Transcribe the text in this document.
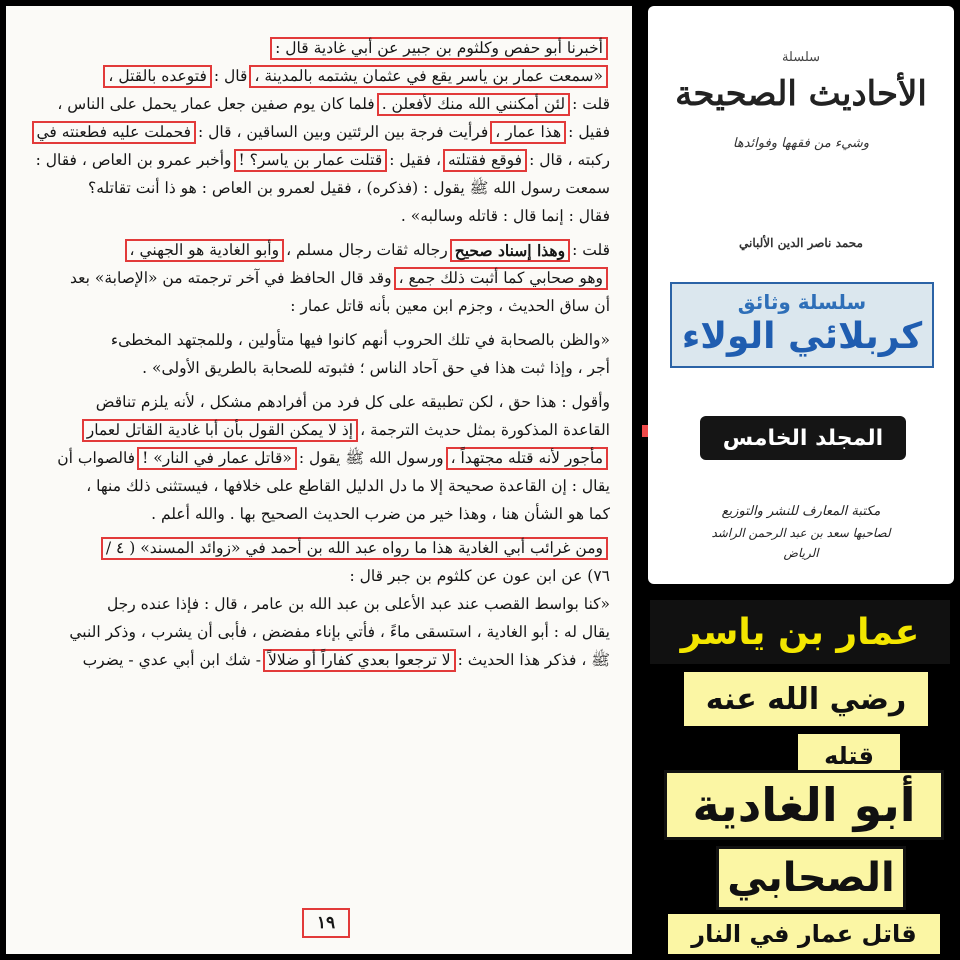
أخبرنا أبو حفص وكلثوم بن جبير عن أبي غادية قال :
«سمعت عمار بن ياسر يقع في عثمان يشتمه بالمدينة ،
قال :
فتوعده بالقتل ،
قلت :
لئن أمكنني الله منك لأفعلن .
فلما كان يوم صفين جعل عمار يحمل على الناس ،
فقيل :
هذا عمار ،
فرأيت فرجة بين الرئتين وبين الساقين ، قال :
فحملت عليه فطعنته في
ركبته ، قال :
فوقع فقتلته
، فقيل :
قتلت عمار بن ياسر؟ !
وأخبر عمرو بن العاص ، فقال :
سمعت رسول الله ﷺ يقول : (فذكره) ، فقيل لعمرو بن العاص : هو ذا أنت تقاتله؟
فقال : إنما قال : قاتله وسالبه» .
قلت :
وهذا إسناد صحيح
رجاله ثقات رجال مسلم ،
وأبو الغادية هو الجهني ،
وهو صحابي كما أثبت ذلك جمع ،
وقد قال الحافظ في آخر ترجمته من «الإصابة» بعد
أن ساق الحديث ، وجزم ابن معين بأنه قاتل عمار :
«والظن بالصحابة في تلك الحروب أنهم كانوا فيها متأولين ، وللمجتهد المخطىء
أجر ، وإذا ثبت هذا في حق آحاد الناس ؛ فثبوته للصحابة بالطريق الأولى» .
وأقول : هذا حق ، لكن تطبيقه على كل فرد من أفرادهم مشكل ، لأنه يلزم تناقض
القاعدة المذكورة بمثل حديث الترجمة ،
إذ لا يمكن القول بأن أبا غادية القاتل لعمار
مأجور لأنه قتله مجتهداً ،
ورسول الله ﷺ يقول :
«قاتل عمار في النار» !
فالصواب أن
يقال : إن القاعدة صحيحة إلا ما دل الدليل القاطع على خلافها ، فيستثنى ذلك منها ،
كما هو الشأن هنا ، وهذا خير من ضرب الحديث الصحيح بها . والله أعلم .
ومن غرائب أبي الغادية هذا ما رواه عبد الله بن أحمد في «زوائد المسند» ( ٤ /
٧٦) عن ابن عون عن كلثوم بن جبر قال :
«كنا بواسط القصب عند عبد الأعلى بن عبد الله بن عامر ، قال : فإذا عنده رجل
يقال له : أبو الغادية ، استسقى ماءً ، فأتي بإناء مفضض ، فأبى أن يشرب ، وذكر النبي
ﷺ ، فذكر هذا الحديث :
لا ترجعوا بعدي كفاراً أو ضلالاً
- شك ابن أبي عدي - يضرب
١٩
سلسلة
الأحاديث الصحيحة
وشيء من فقهها وفوائدها
محمد ناصر الدين الألباني
سلسلة وثائق
كربلائي الولاء
المجلد الخامس
مكتبة المعارف للنشر والتوزيع
لصاحبها سعد بن عبد الرحمن الراشد
الرياض
عمار بن ياسر
رضي الله عنه
قتله
أبو الغادية
الصحابي
قاتل عمار في النار
